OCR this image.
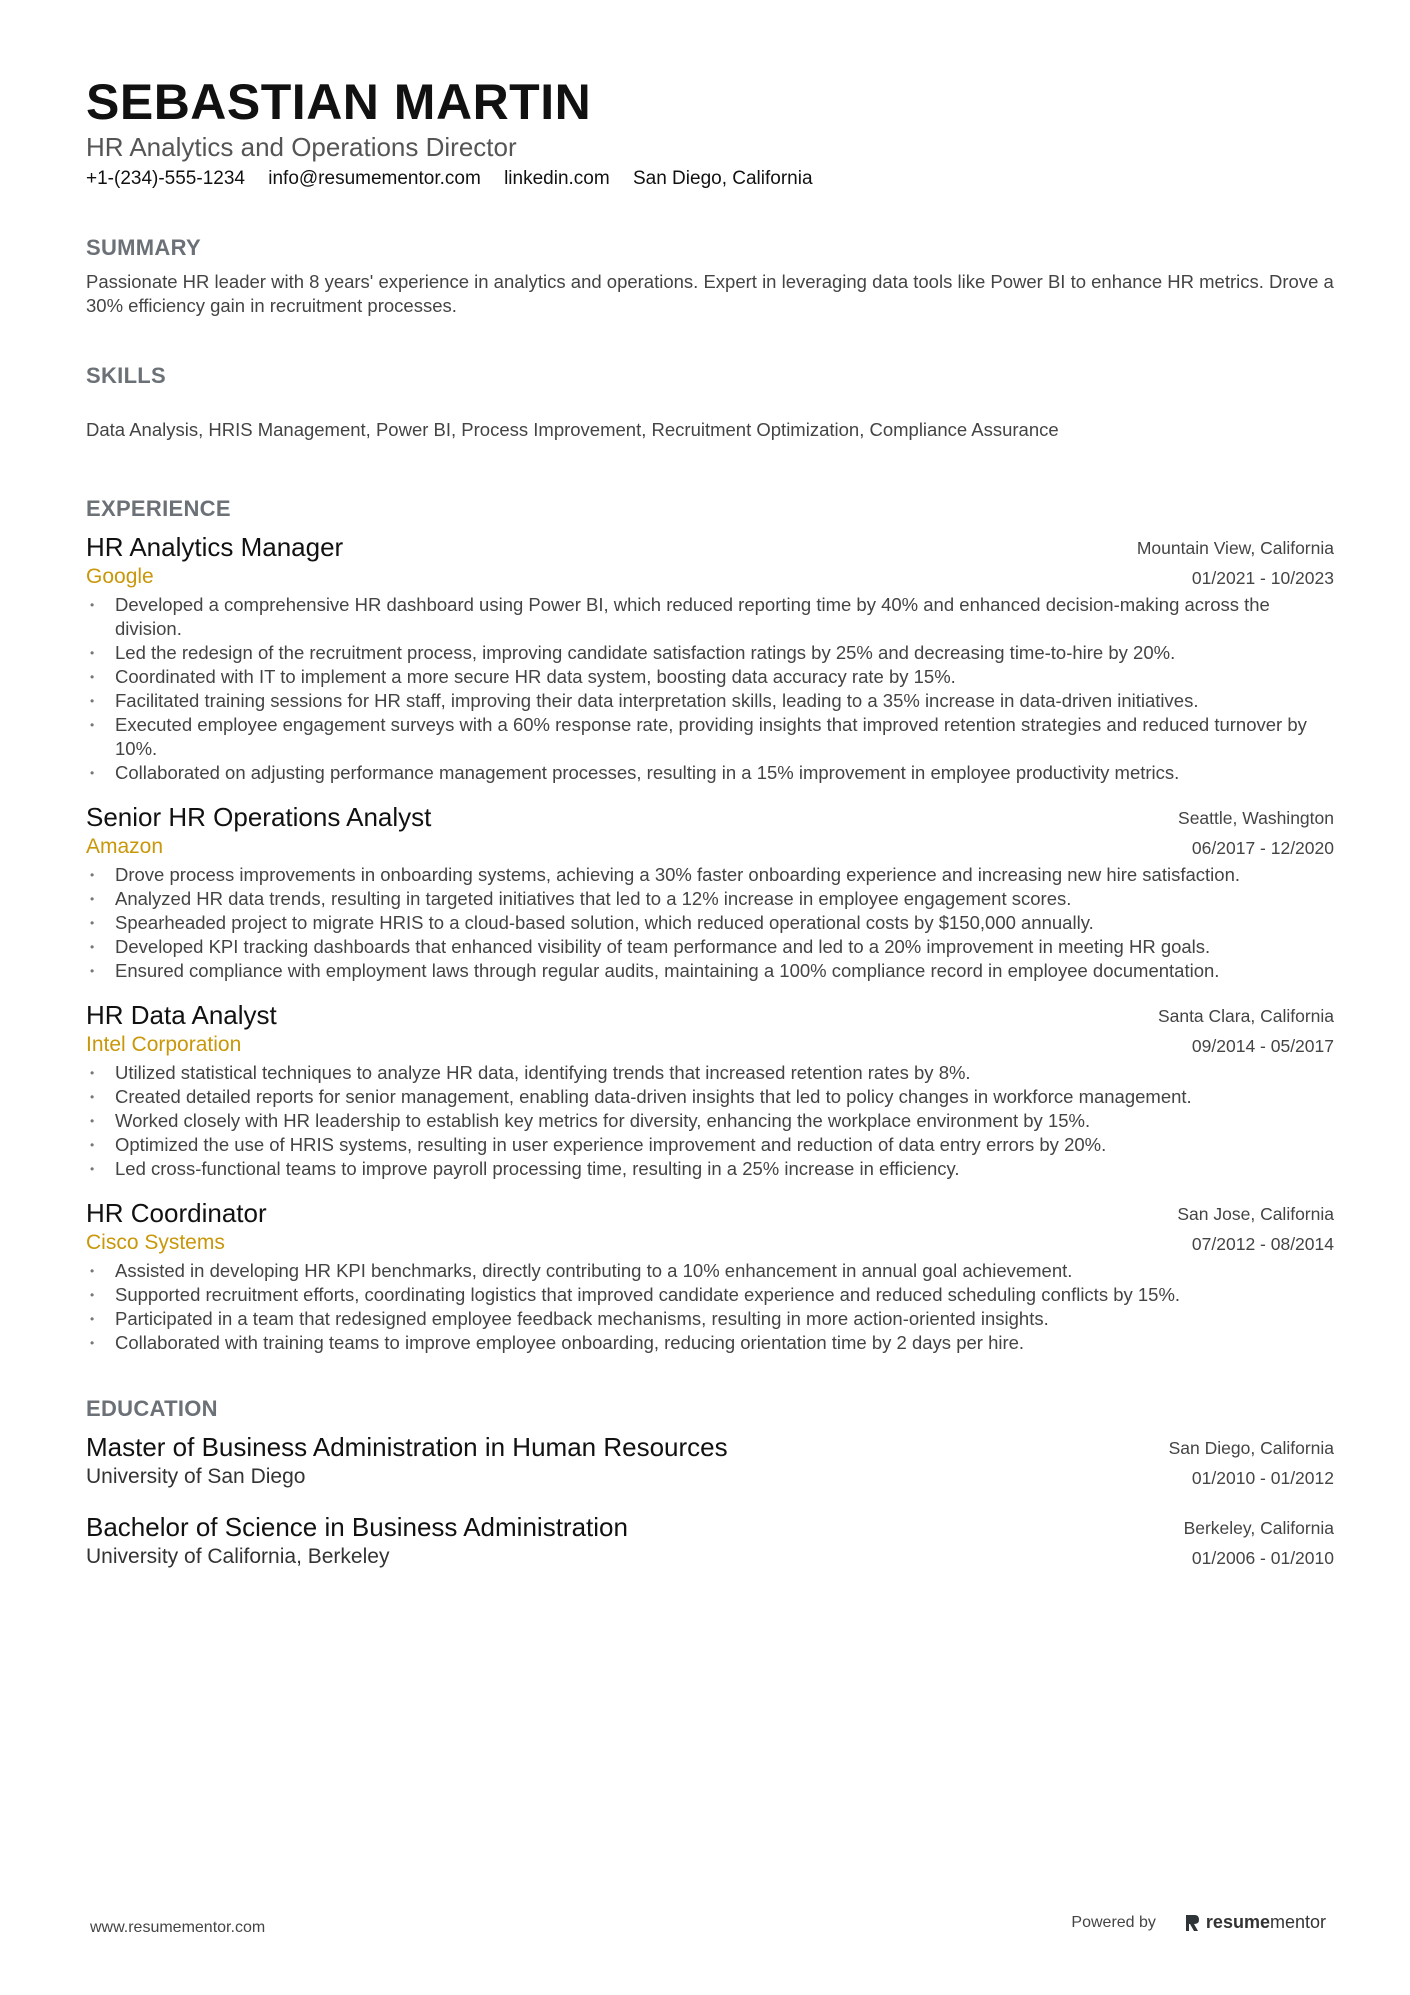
SEBASTIAN MARTIN
HR Analytics and Operations Director
+1-(234)-555-1234 info@resumementor.com linkedin.com San Diego, California
SUMMARY
Passionate HR leader with 8 years' experience in analytics and operations. Expert in leveraging data tools like Power BI to enhance HR metrics. Drove a 30% efficiency gain in recruitment processes.
SKILLS
Data Analysis, HRIS Management, Power BI, Process Improvement, Recruitment Optimization, Compliance Assurance
EXPERIENCE
HR Analytics Manager
Google
Mountain View, California
01/2021 - 10/2023
• Developed a comprehensive HR dashboard using Power BI, which reduced reporting time by 40% and enhanced decision-making across the division.
• Led the redesign of the recruitment process, improving candidate satisfaction ratings by 25% and decreasing time-to-hire by 20%.
• Coordinated with IT to implement a more secure HR data system, boosting data accuracy rate by 15%.
• Facilitated training sessions for HR staff, improving their data interpretation skills, leading to a 35% increase in data-driven initiatives.
• Executed employee engagement surveys with a 60% response rate, providing insights that improved retention strategies and reduced turnover by 10%.
• Collaborated on adjusting performance management processes, resulting in a 15% improvement in employee productivity metrics.
Senior HR Operations Analyst
Amazon
Seattle, Washington
06/2017 - 12/2020
• Drove process improvements in onboarding systems, achieving a 30% faster onboarding experience and increasing new hire satisfaction.
• Analyzed HR data trends, resulting in targeted initiatives that led to a 12% increase in employee engagement scores.
• Spearheaded project to migrate HRIS to a cloud-based solution, which reduced operational costs by $150,000 annually.
• Developed KPI tracking dashboards that enhanced visibility of team performance and led to a 20% improvement in meeting HR goals.
• Ensured compliance with employment laws through regular audits, maintaining a 100% compliance record in employee documentation.
HR Data Analyst
Intel Corporation
Santa Clara, California
09/2014 - 05/2017
• Utilized statistical techniques to analyze HR data, identifying trends that increased retention rates by 8%.
• Created detailed reports for senior management, enabling data-driven insights that led to policy changes in workforce management.
• Worked closely with HR leadership to establish key metrics for diversity, enhancing the workplace environment by 15%.
• Optimized the use of HRIS systems, resulting in user experience improvement and reduction of data entry errors by 20%.
• Led cross-functional teams to improve payroll processing time, resulting in a 25% increase in efficiency.
HR Coordinator
Cisco Systems
San Jose, California
07/2012 - 08/2014
• Assisted in developing HR KPI benchmarks, directly contributing to a 10% enhancement in annual goal achievement.
• Supported recruitment efforts, coordinating logistics that improved candidate experience and reduced scheduling conflicts by 15%.
• Participated in a team that redesigned employee feedback mechanisms, resulting in more action-oriented insights.
• Collaborated with training teams to improve employee onboarding, reducing orientation time by 2 days per hire.
EDUCATION
Master of Business Administration in Human Resources
University of San Diego
San Diego, California
01/2010 - 01/2012
Bachelor of Science in Business Administration
University of California, Berkeley
Berkeley, California
01/2006 - 01/2010
www.resumementor.com	Powered by	resumementor
